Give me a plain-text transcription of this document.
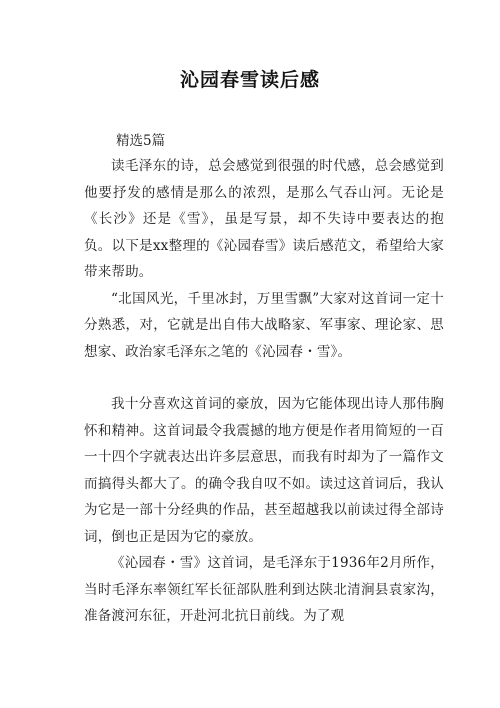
沁园春雪读后感
精选5篇

读毛泽东的诗，总会感觉到很强的时代感，总会感觉到他要抒发的感情是那么的浓烈，是那么气吞山河。无论是《长沙》还是《雪》，虽是写景，却不失诗中要表达的抱负。以下是xx整理的《沁园春雪》读后感范文，希望给大家带来帮助。

“北国风光，千里冰封，万里雪飘”大家对这首词一定十分熟悉，对，它就是出自伟大战略家、军事家、理论家、思想家、政治家毛泽东之笔的《沁园春・雪》。

我十分喜欢这首词的豪放，因为它能体现出诗人那伟胸怀和精神。这首词最令我震撼的地方便是作者用简短的一百一十四个字就表达出许多层意思，而我有时却为了一篇作文而搞得头都大了。的确令我自叹不如。读过这首词后，我认为它是一部十分经典的作品，甚至超越我以前读过得全部诗词，倒也正是因为它的豪放。

《沁园春・雪》这首词，是毛泽东于1936年2月所作，当时毛泽东率领红军长征部队胜利到达陕北清涧县袁家沟，准备渡河东征，开赴河北抗日前线。为了观
